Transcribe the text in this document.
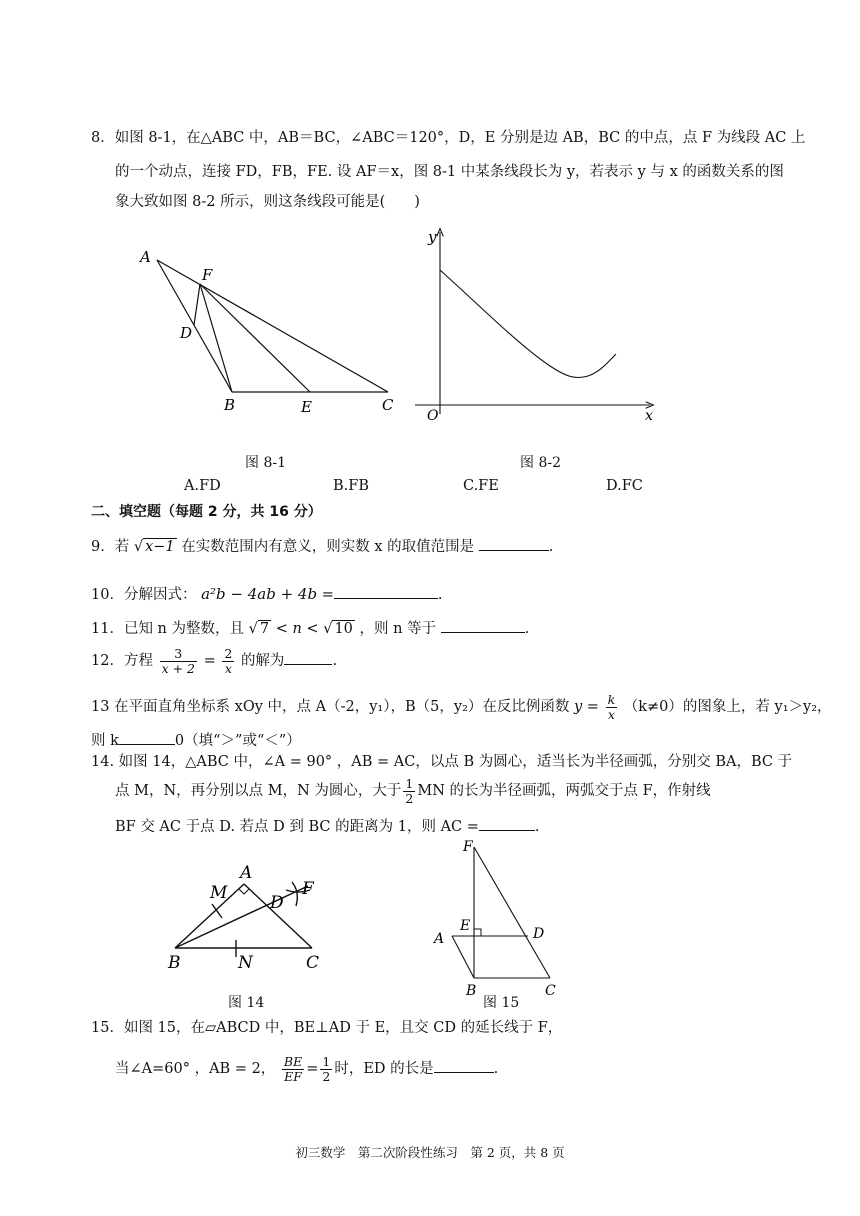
8．如图 8-1，在△ABC 中，AB＝BC，∠ABC＝120°，D，E 分别是边 AB，BC 的中点，点 F 为线段 AC 上
的一个动点，连接 FD，FB，FE. 设 AF＝x，图 8-1 中某条线段长为 y，若表示 y 与 x 的函数关系的图
象大致如图 8-2 所示，则这条线段可能是(　　)
A
F
D
B	E	C
y
O	x
图 8-1	图 8-2
A.FD	B.FB	C.FE	D.FC
二、填空题（每题 2 分，共 16 分）
9．若 √ x−1 在实数范围内有意义，则实数 x 的取值范围是	.
10．分解因式： a²b − 4ab + 4b =	.
11．已知 n 为整数，且 √ 7 < n < √ 10 ，则 n 等于	.
12．方程 $\frac{3}{x + 2} = \frac{2}{x}$ 的解为	.
13 在平面直角坐标系 xOy 中，点 A（-2，y₁），B（5，y₂）在反比例函数 $y = \frac{k}{x} (k\ne 0)$的图象上，若 y₁＞y₂，
则 k	0（填“＞”或“＜”）
14. 如图 14，△ABC 中，∠A = 90° ，AB = AC，以点 B 为圆心，适当长为半径画弧，分别交 BA，BC 于
点 M，N，再分别以点 M，N 为圆心，大于 $\frac{1}{2}$ MN 的长为半径画弧，两弧交于点 F，作射线
BF 交 AC 于点 D. 若点 D 到 BC 的距离为 1，则 AC =	.
A
M	D
F
B	N	C
图 14
F
E
A	D
B	C
图 15
15．如图 15，在▱ABCD 中，BE⊥AD 于 E，且交 CD 的延长线于 F，
当∠A=60° ，AB = 2， $\frac{BE}{EF} = \frac{1}{2}$ 时，ED 的长是	.
初三数学　第二次阶段性练习　第 2 页，共 8 页
